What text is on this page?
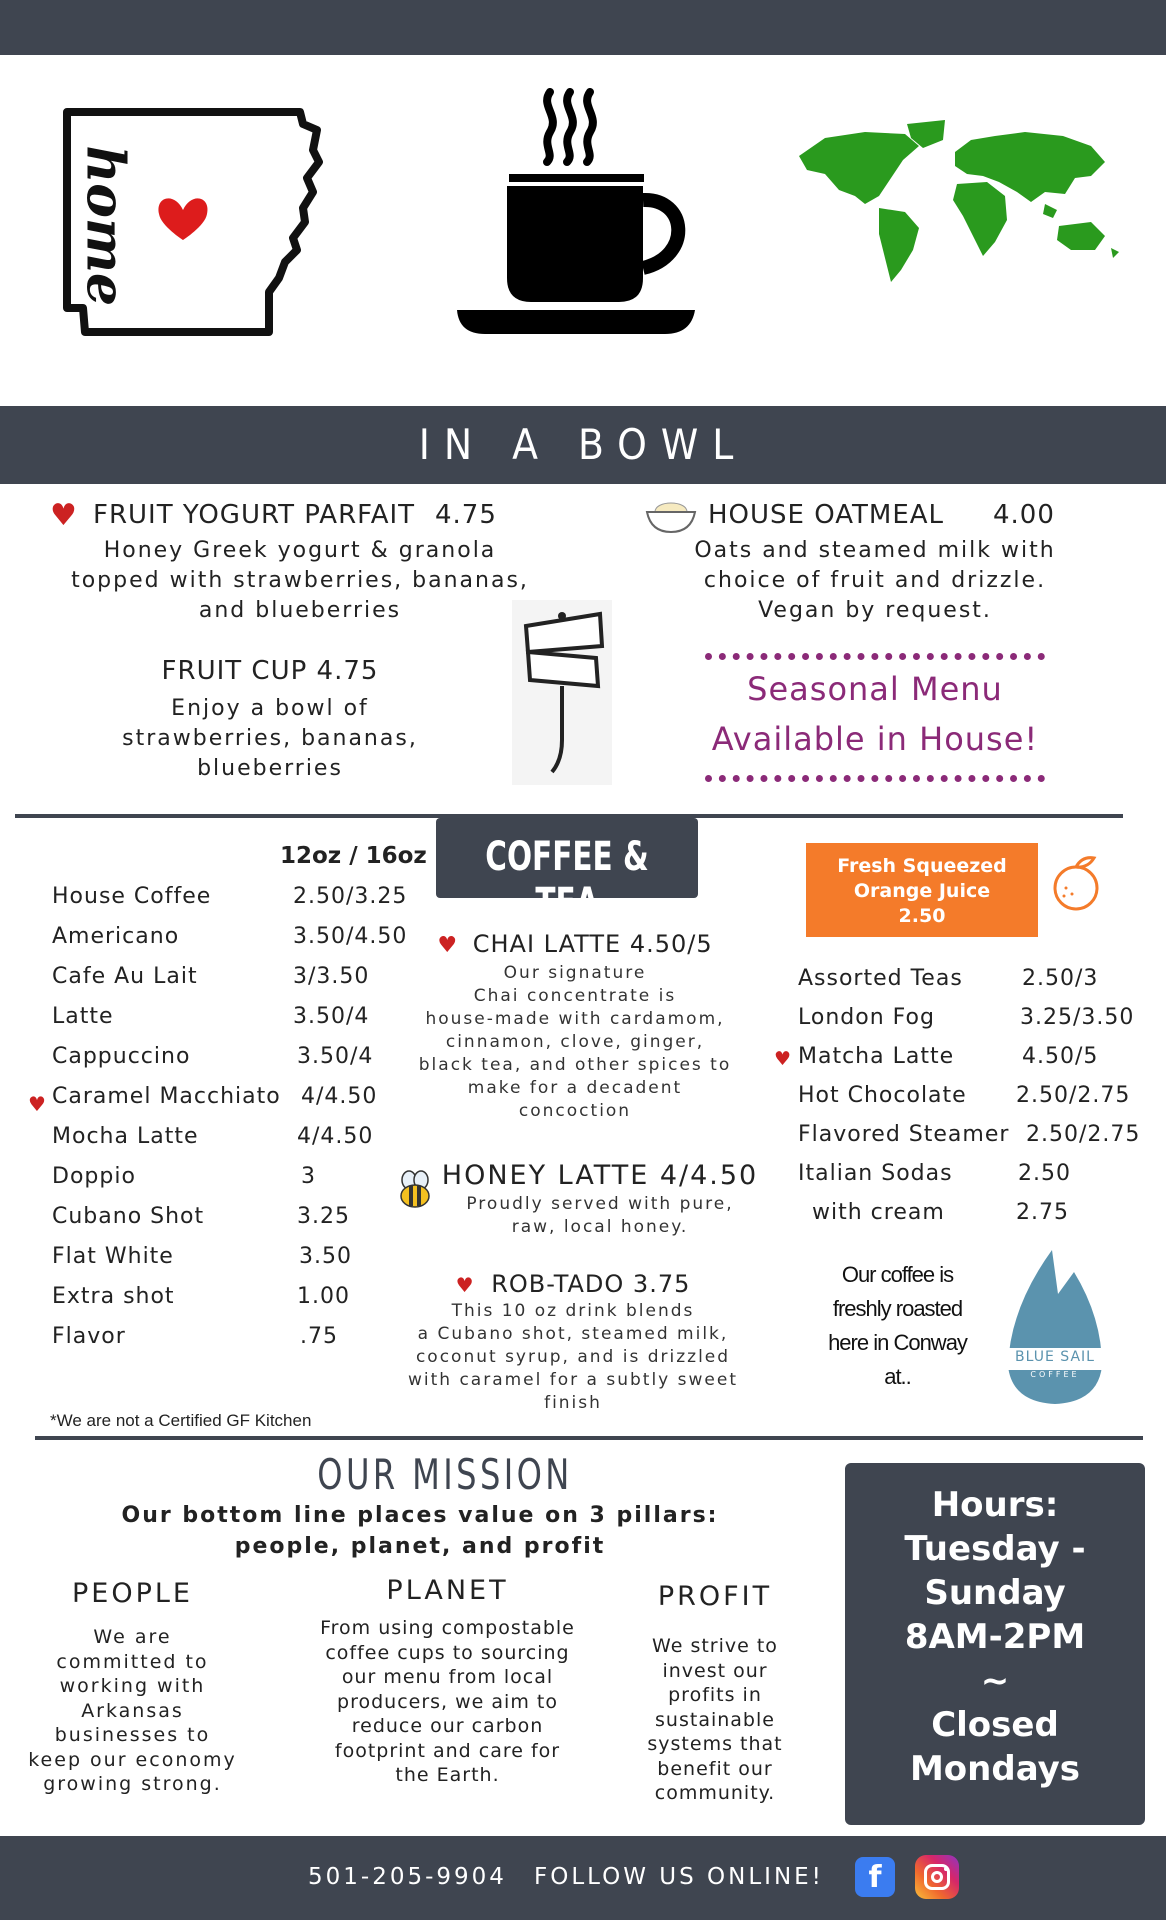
home
IN A BOWL
♥ FRUIT YOGURT PARFAIT 4.75
Honey Greek yogurt & granola
topped with strawberries, bananas,
and blueberries
FRUIT CUP 4.75
Enjoy a bowl of
strawberries, bananas,
blueberries
HOUSE OATMEAL 4.00
Oats and steamed milk with
choice of fruit and drizzle.
Vegan by request.
Seasonal Menu
Available in House!
COFFEE & TEA
12oz / 16oz
House Coffee	2.50/3.25
Americano	3.50/4.50
Cafe Au Lait	3/3.50
Latte	3.50/4
Cappuccino	3.50/4
♥ Caramel Macchiato 4/4.50
Mocha Latte	4/4.50
Doppio	3
Cubano Shot	3.25
Flat White	3.50
Extra shot	1.00
Flavor	.75
*We are not a Certified GF Kitchen
♥ CHAI LATTE 4.50/5
Our signature
Chai concentrate is
house-made with cardamom,
cinnamon, clove, ginger,
black tea, and other spices to
make for a decadent
concoction
HONEY LATTE 4/4.50
Proudly served with pure,
raw, local honey.
♥ ROB-TADO 3.75
This 10 oz drink blends
a Cubano shot, steamed milk,
coconut syrup, and is drizzled
with caramel for a subtly sweet
finish
Fresh Squeezed
Orange Juice
2.50
Assorted Teas	2.50/3
London Fog	3.25/3.50
♥ Matcha Latte	4.50/5
Hot Chocolate 2.50/2.75
Flavored Steamer 2.50/2.75
Italian Sodas	2.50
with cream	2.75
Our coffee is
freshly roasted
here in Conway
at..
BLUE SAIL
COFFEE
OUR MISSION
Our bottom line places value on 3 pillars:
people, planet, and profit
PEOPLE
We are
committed to
working with
Arkansas
businesses to
keep our economy
growing strong.
PLANET
From using compostable
coffee cups to sourcing
our menu from local
producers, we aim to
reduce our carbon
footprint and care for
the Earth.
PROFIT
We strive to
invest our
profits in
sustainable
systems that
benefit our
community.
Hours:
Tuesday -
Sunday
8AM-2PM
~
Closed
Mondays
501-205-9904 FOLLOW US ONLINE!	f
